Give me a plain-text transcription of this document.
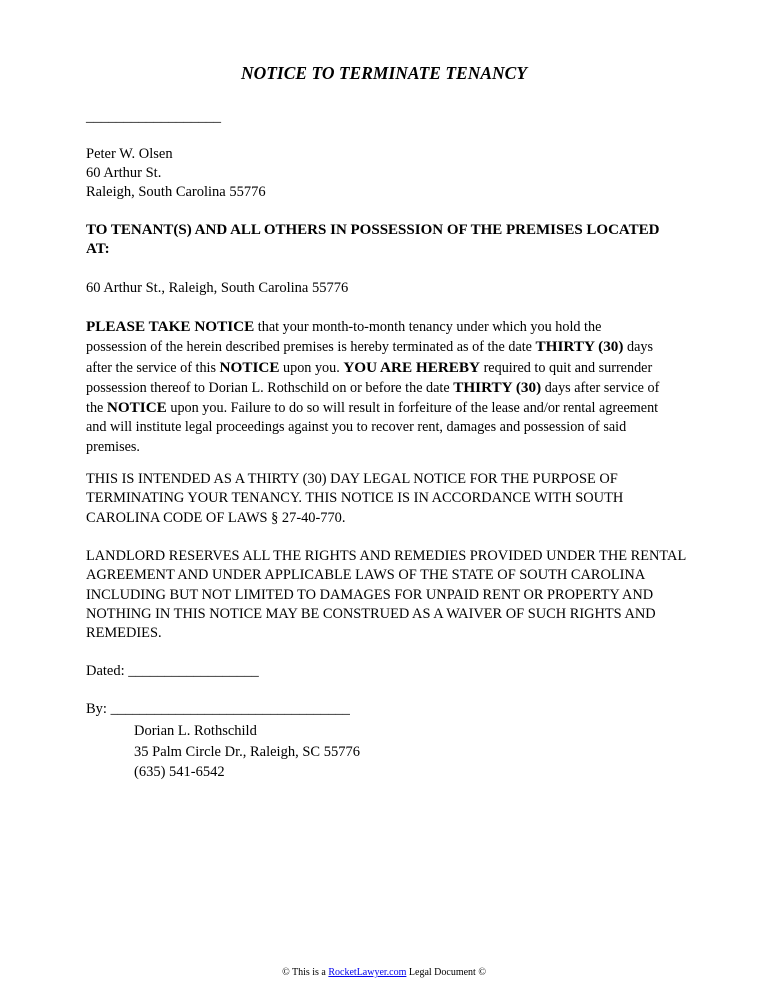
NOTICE TO TERMINATE TENANCY
__________________
Peter W. Olsen
60 Arthur St.
Raleigh, South Carolina 55776
TO TENANT(S) AND ALL OTHERS IN POSSESSION OF THE PREMISES LOCATED AT:
60 Arthur St., Raleigh, South Carolina 55776

PLEASE TAKE NOTICE that your month-to-month tenancy under which you hold the possession of the herein described premises is hereby terminated as of the date THIRTY (30) days after the service of this NOTICE upon you. YOU ARE HEREBY required to quit and surrender possession thereof to Dorian L. Rothschild on or before the date THIRTY (30) days after service of the NOTICE upon you. Failure to do so will result in forfeiture of the lease and/or rental agreement and will institute legal proceedings against you to recover rent, damages and possession of said premises.

THIS IS INTENDED AS A THIRTY (30) DAY LEGAL NOTICE FOR THE PURPOSE OF TERMINATING YOUR TENANCY. THIS NOTICE IS IN ACCORDANCE WITH SOUTH CAROLINA CODE OF LAWS § 27-40-770.

LANDLORD RESERVES ALL THE RIGHTS AND REMEDIES PROVIDED UNDER THE RENTAL AGREEMENT AND UNDER APPLICABLE LAWS OF THE STATE OF SOUTH CAROLINA INCLUDING BUT NOT LIMITED TO DAMAGES FOR UNPAID RENT OR PROPERTY AND NOTHING IN THIS NOTICE MAY BE CONSTRUED AS A WAIVER OF SUCH RIGHTS AND REMEDIES.

Dated: __________________
By: _________________________________
Dorian L. Rothschild
35 Palm Circle Dr., Raleigh, SC 55776
(635) 541-6542
© This is a RocketLawyer.com Legal Document ©
